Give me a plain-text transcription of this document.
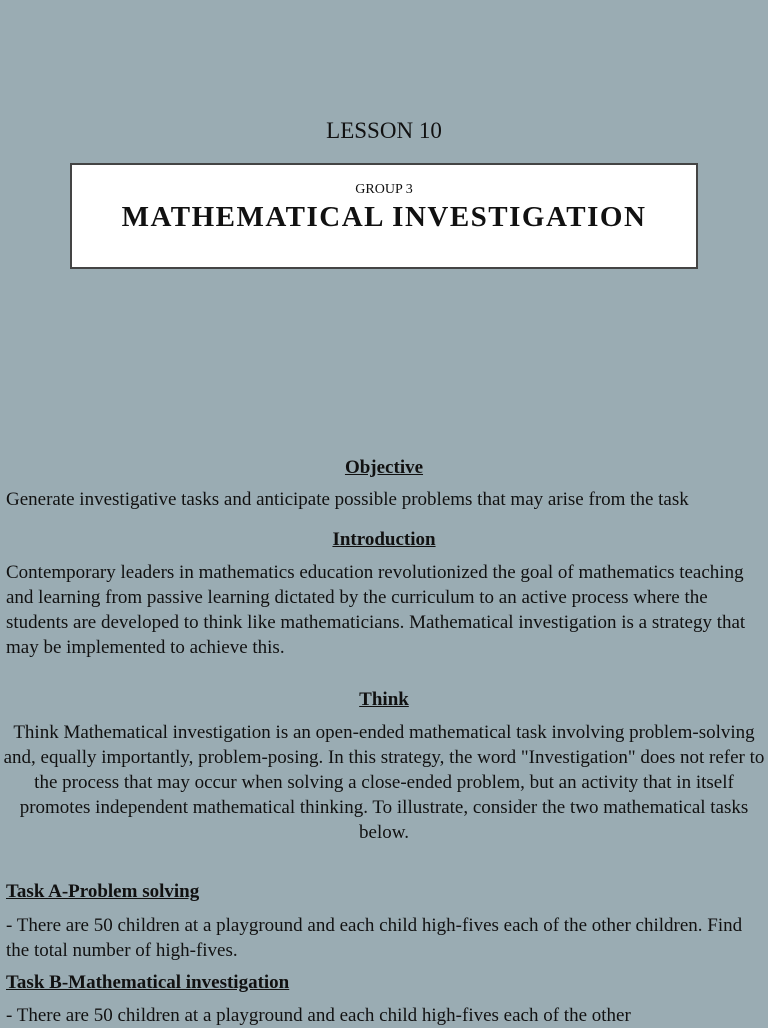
LESSON 10
GROUP 3
MATHEMATICAL INVESTIGATION
Objective

Generate investigative tasks and anticipate possible problems that may arise from the task

Introduction

Contemporary leaders in mathematics education revolutionized the goal of mathematics teaching and learning from passive learning dictated by the curriculum to an active process where the students are developed to think like mathematicians. Mathematical investigation is a strategy that may be implemented to achieve this.

Think

Think Mathematical investigation is an open-ended mathematical task involving problem-solving and, equally importantly, problem-posing. In this strategy, the word "Investigation" does not refer to the process that may occur when solving a close-ended problem, but an activity that in itself promotes independent mathematical thinking. To illustrate, consider the two mathematical tasks below.

Task A-Problem solving

- There are 50 children at a playground and each child high-fives each of the other children. Find the total number of high-fives.

Task B-Mathematical investigation

- There are 50 children at a playground and each child high-fives each of the other
